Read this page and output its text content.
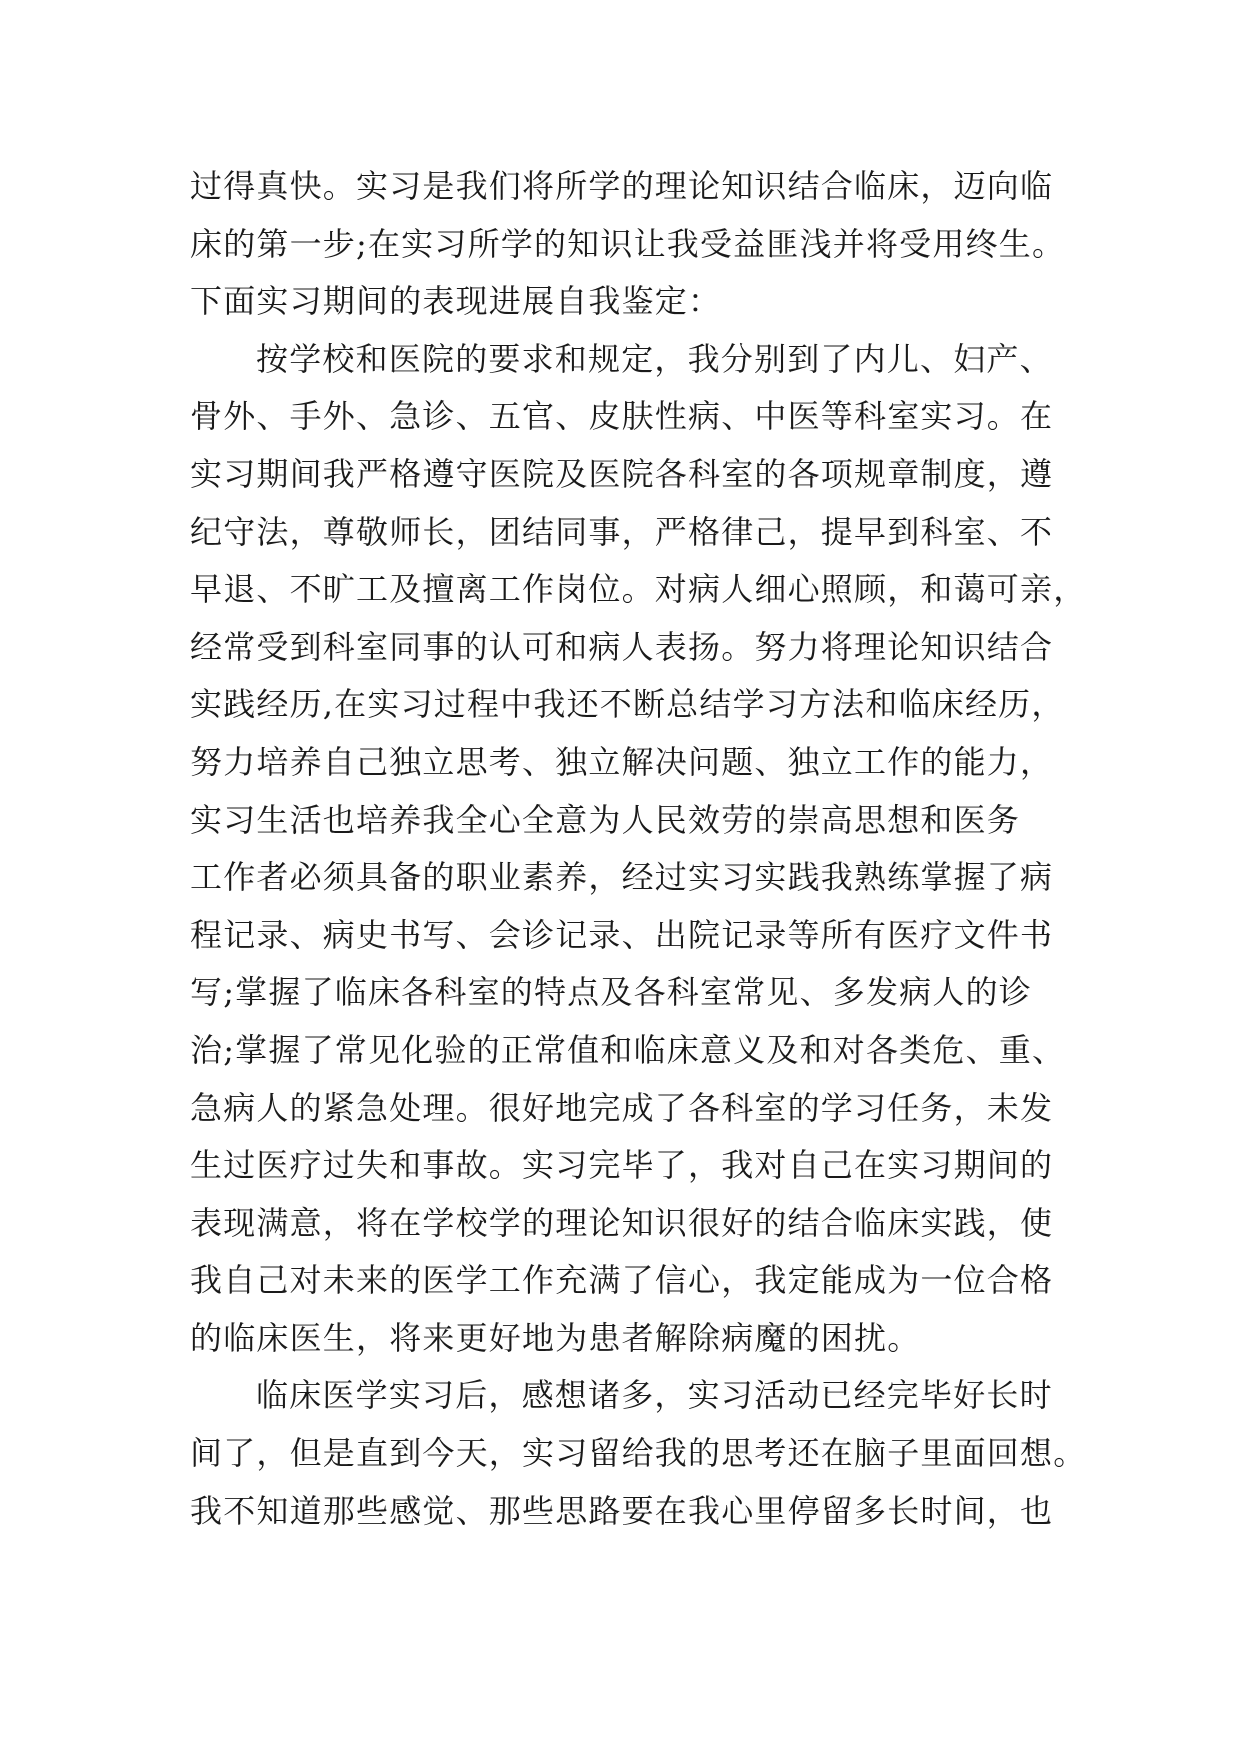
过得真快。实习是我们将所学的理论知识结合临床，迈向临
床的第一步;在实习所学的知识让我受益匪浅并将受用终生。
下面实习期间的表现进展自我鉴定：
按学校和医院的要求和规定，我分别到了内儿、妇产、
骨外、手外、急诊、五官、皮肤性病、中医等科室实习。在
实习期间我严格遵守医院及医院各科室的各项规章制度，遵
纪守法，尊敬师长，团结同事，严格律己，提早到科室、不
早退、不旷工及擅离工作岗位。对病人细心照顾，和蔼可亲，
经常受到科室同事的认可和病人表扬。努力将理论知识结合
实践经历,在实习过程中我还不断总结学习方法和临床经历，
努力培养自己独立思考、独立解决问题、独立工作的能力，
实习生活也培养我全心全意为人民效劳的崇高思想和医务
工作者必须具备的职业素养，经过实习实践我熟练掌握了病
程记录、病史书写、会诊记录、出院记录等所有医疗文件书
写;掌握了临床各科室的特点及各科室常见、多发病人的诊
治;掌握了常见化验的正常值和临床意义及和对各类危、重、
急病人的紧急处理。很好地完成了各科室的学习任务，未发
生过医疗过失和事故。实习完毕了，我对自己在实习期间的
表现满意，将在学校学的理论知识很好的结合临床实践，使
我自己对未来的医学工作充满了信心，我定能成为一位合格
的临床医生，将来更好地为患者解除病魔的困扰。
临床医学实习后，感想诸多，实习活动已经完毕好长时
间了，但是直到今天，实习留给我的思考还在脑子里面回想。
我不知道那些感觉、那些思路要在我心里停留多长时间，也
